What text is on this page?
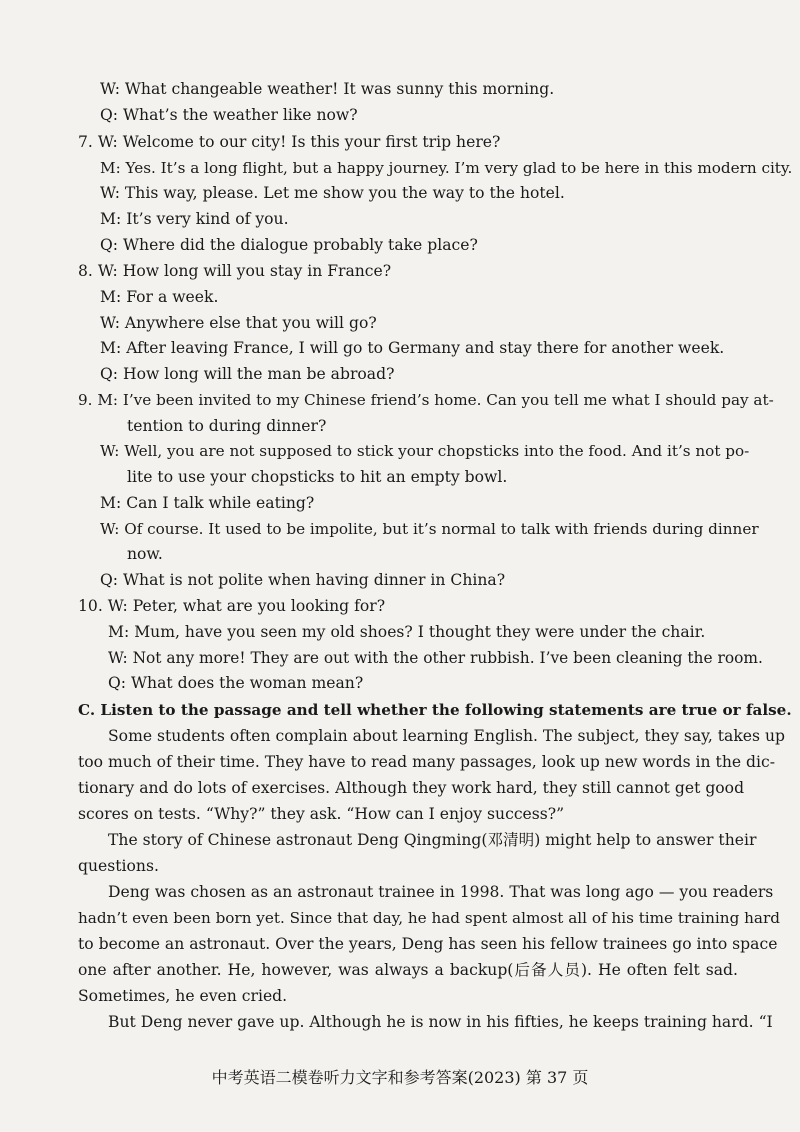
W: What changeable weather! It was sunny this morning.
Q: What’s the weather like now?
7. W: Welcome to our city! Is this your first trip here?
M: Yes. It’s a long flight, but a happy journey. I’m very glad to be here in this modern city.
W: This way, please. Let me show you the way to the hotel.
M: It’s very kind of you.
Q: Where did the dialogue probably take place?
8. W: How long will you stay in France?
M: For a week.
W: Anywhere else that you will go?
M: After leaving France, I will go to Germany and stay there for another week.
Q: How long will the man be abroad?
9. M: I’ve been invited to my Chinese friend’s home. Can you tell me what I should pay at-
tention to during dinner?
W: Well, you are not supposed to stick your chopsticks into the food. And it’s not po-
lite to use your chopsticks to hit an empty bowl.
M: Can I talk while eating?
W: Of course. It used to be impolite, but it’s normal to talk with friends during dinner
now.
Q: What is not polite when having dinner in China?
10. W: Peter, what are you looking for?
M: Mum, have you seen my old shoes? I thought they were under the chair.
W: Not any more! They are out with the other rubbish. I’ve been cleaning the room.
Q: What does the woman mean?
C. Listen to the passage and tell whether the following statements are true or false.
Some students often complain about learning English. The subject, they say, takes up
too much of their time. They have to read many passages, look up new words in the dic-
tionary and do lots of exercises. Although they work hard, they still cannot get good
scores on tests. “Why?” they ask. “How can I enjoy success?”
The story of Chinese astronaut Deng Qingming(邓清明) might help to answer their
questions.
Deng was chosen as an astronaut trainee in 1998. That was long ago — you readers
hadn’t even been born yet. Since that day, he had spent almost all of his time training hard
to become an astronaut. Over the years, Deng has seen his fellow trainees go into space
one after another. He, however, was always a backup(后备人员). He often felt sad.
Sometimes, he even cried.
But Deng never gave up. Although he is now in his fifties, he keeps training hard. “I
中考英语二模卷听力文字和参考答案(2023) 第 37 页
